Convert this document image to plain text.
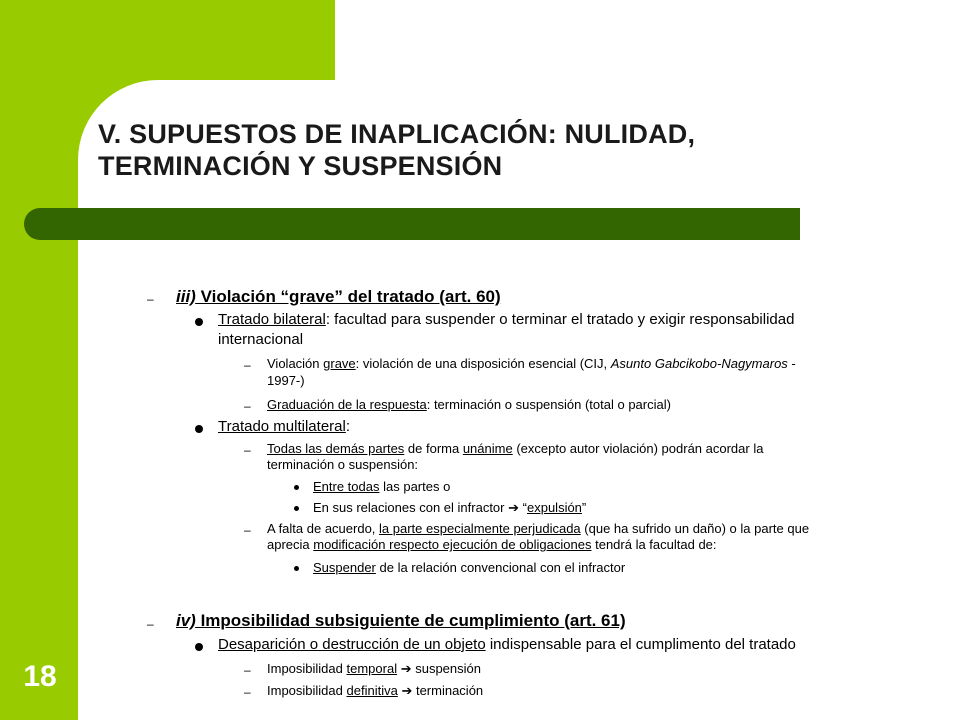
V. SUPUESTOS DE INAPLICACIÓN: NULIDAD,
TERMINACIÓN Y SUSPENSIÓN
18
– iii) Violación “grave” del tratado (art. 60)
Tratado bilateral: facultad para suspender o terminar el tratado y exigir responsabilidad
internacional
– Violación grave: violación de una disposición esencial (CIJ, Asunto Gabcikobo-Nagymaros -
1997-)
– Graduación de la respuesta: terminación o suspensión (total o parcial)
Tratado multilateral:
– Todas las demás partes de forma unánime (excepto autor violación) podrán acordar la
terminación o suspensión:
Entre todas las partes o
En sus relaciones con el infractor ➔ “expulsión”
– A falta de acuerdo, la parte especialmente perjudicada (que ha sufrido un daño) o la parte que
apreciа modificación respecto ejecución de obligaciones tendrá la facultad de:
Suspender de la relación convencional con el infractor
– iv) Imposibilidad subsiguiente de cumplimiento (art. 61)
Desaparición o destrucción de un objeto indispensable para el cumplimento del tratado
– Imposibilidad temporal ➔ suspensión
– Imposibilidad definitiva ➔ terminación
